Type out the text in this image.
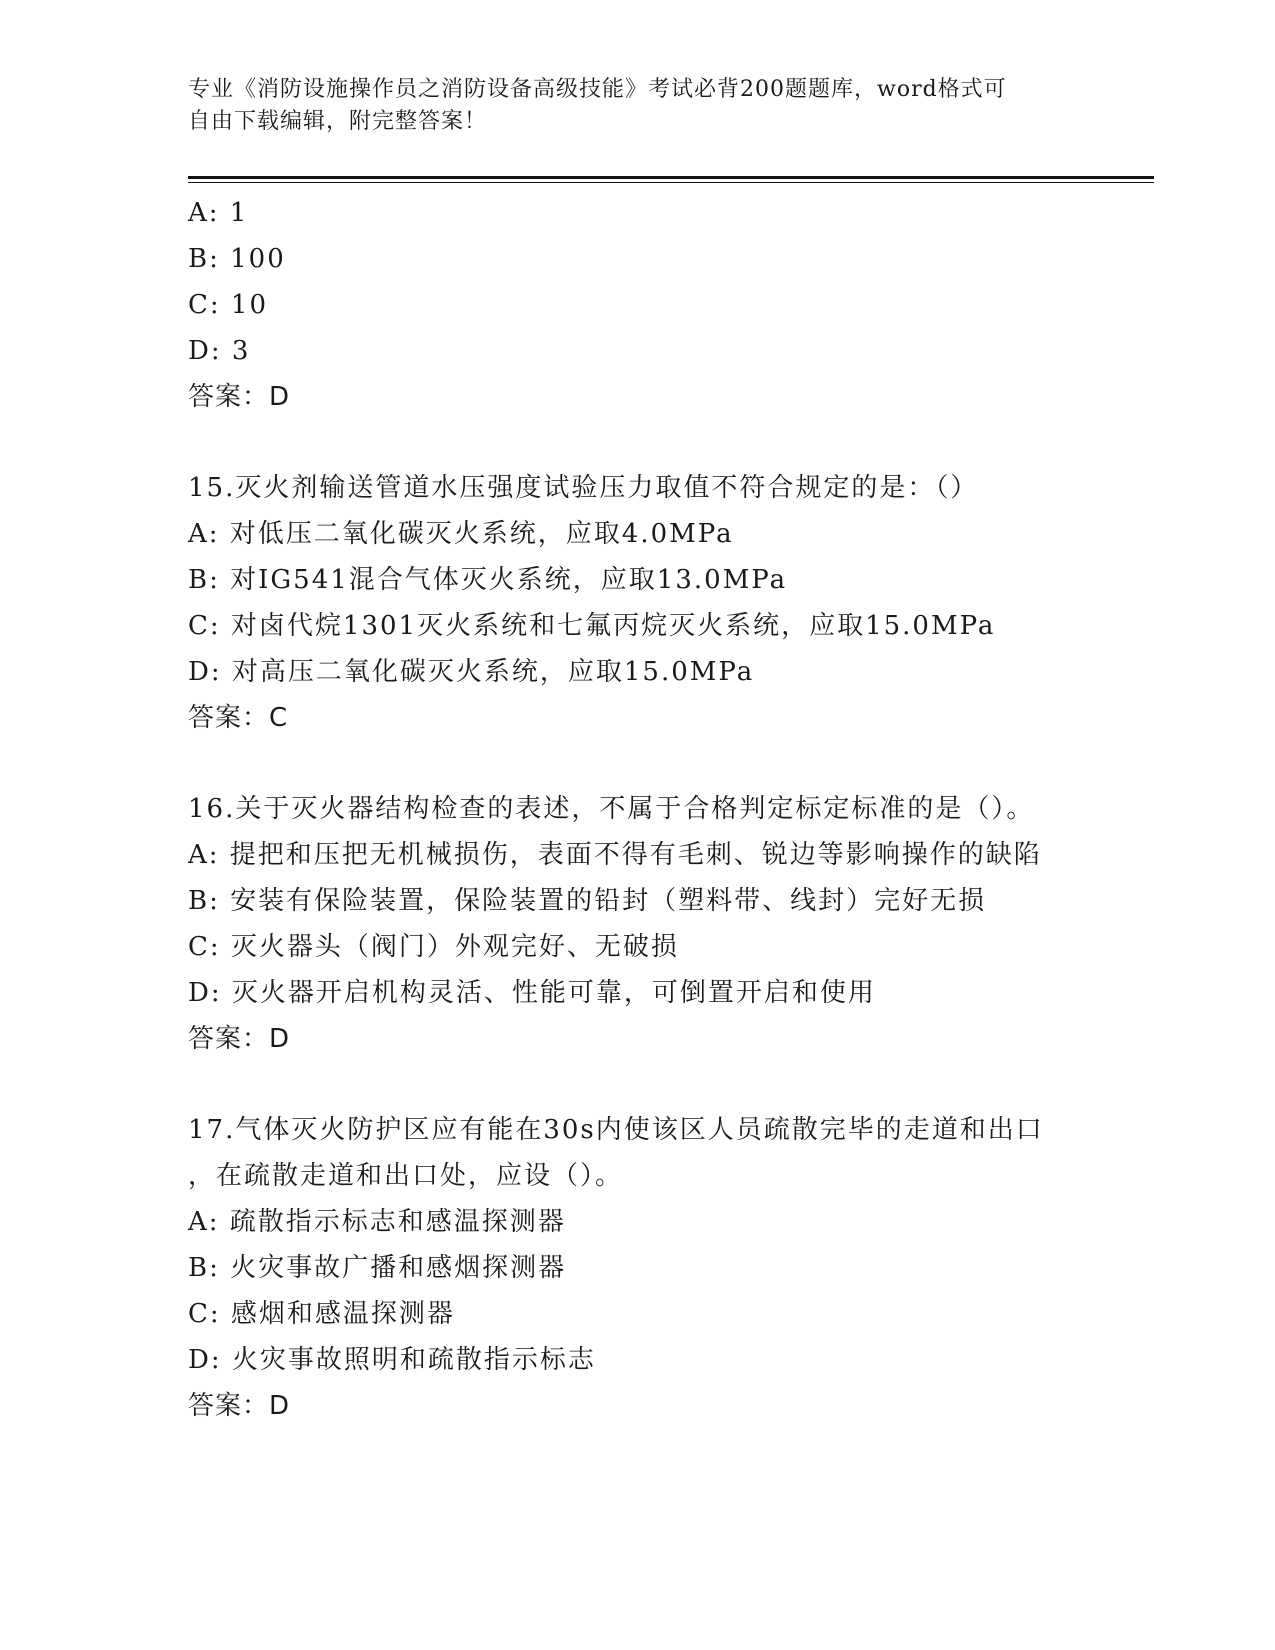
专业《消防设施操作员之消防设备高级技能》考试必背200题题库，word格式可
自由下载编辑，附完整答案！
A: 1
B: 100
C: 10
D: 3
答案：D
15.灭火剂输送管道水压强度试验压力取值不符合规定的是：（）
A: 对低压二氧化碳灭火系统，应取4.0MPa
B: 对IG541混合气体灭火系统，应取13.0MPa
C: 对卤代烷1301灭火系统和七氟丙烷灭火系统，应取15.0MPa
D: 对高压二氧化碳灭火系统，应取15.0MPa
答案：C
16.关于灭火器结构检查的表述，不属于合格判定标定标准的是（）。
A: 提把和压把无机械损伤，表面不得有毛刺、锐边等影响操作的缺陷
B: 安装有保险装置，保险装置的铅封（塑料带、线封）完好无损
C: 灭火器头（阀门）外观完好、无破损
D: 灭火器开启机构灵活、性能可靠，可倒置开启和使用
答案：D
17.气体灭火防护区应有能在30s内使该区人员疏散完毕的走道和出口
，在疏散走道和出口处，应设（）。
A: 疏散指示标志和感温探测器
B: 火灾事故广播和感烟探测器
C: 感烟和感温探测器
D: 火灾事故照明和疏散指示标志
答案：D
